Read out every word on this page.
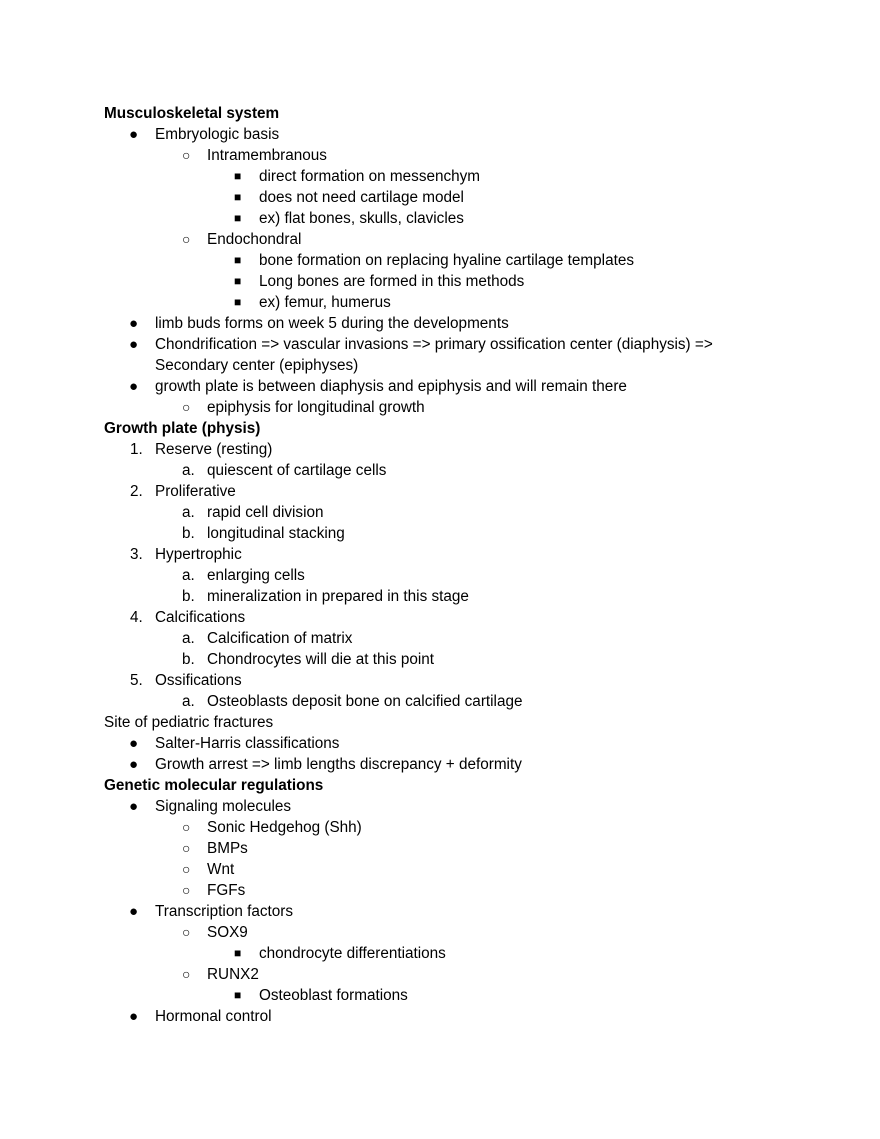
Musculoskeletal system
● Embryologic basis
○ Intramembranous
■ direct formation on messenchym
■ does not need cartilage model
■ ex) flat bones, skulls, clavicles
○ Endochondral
■ bone formation on replacing hyaline cartilage templates
■ Long bones are formed in this methods
■ ex) femur, humerus
● limb buds forms on week 5 during the developments
● Chondrification => vascular invasions => primary ossification center (diaphysis) =>
Secondary center (epiphyses)
● growth plate is between diaphysis and epiphysis and will remain there
○ epiphysis for longitudinal growth
Growth plate (physis)
1. Reserve (resting)
a. quiescent of cartilage cells
2. Proliferative
a. rapid cell division
b. longitudinal stacking
3. Hypertrophic
a. enlarging cells
b. mineralization in prepared in this stage
4. Calcifications
a. Calcification of matrix
b. Chondrocytes will die at this point
5. Ossifications
a. Osteoblasts deposit bone on calcified cartilage
Site of pediatric fractures
● Salter-Harris classifications
● Growth arrest => limb lengths discrepancy + deformity
Genetic molecular regulations
● Signaling molecules
○ Sonic Hedgehog (Shh)
○ BMPs
○ Wnt
○ FGFs
● Transcription factors
○ SOX9
■ chondrocyte differentiations
○ RUNX2
■ Osteoblast formations
● Hormonal control
